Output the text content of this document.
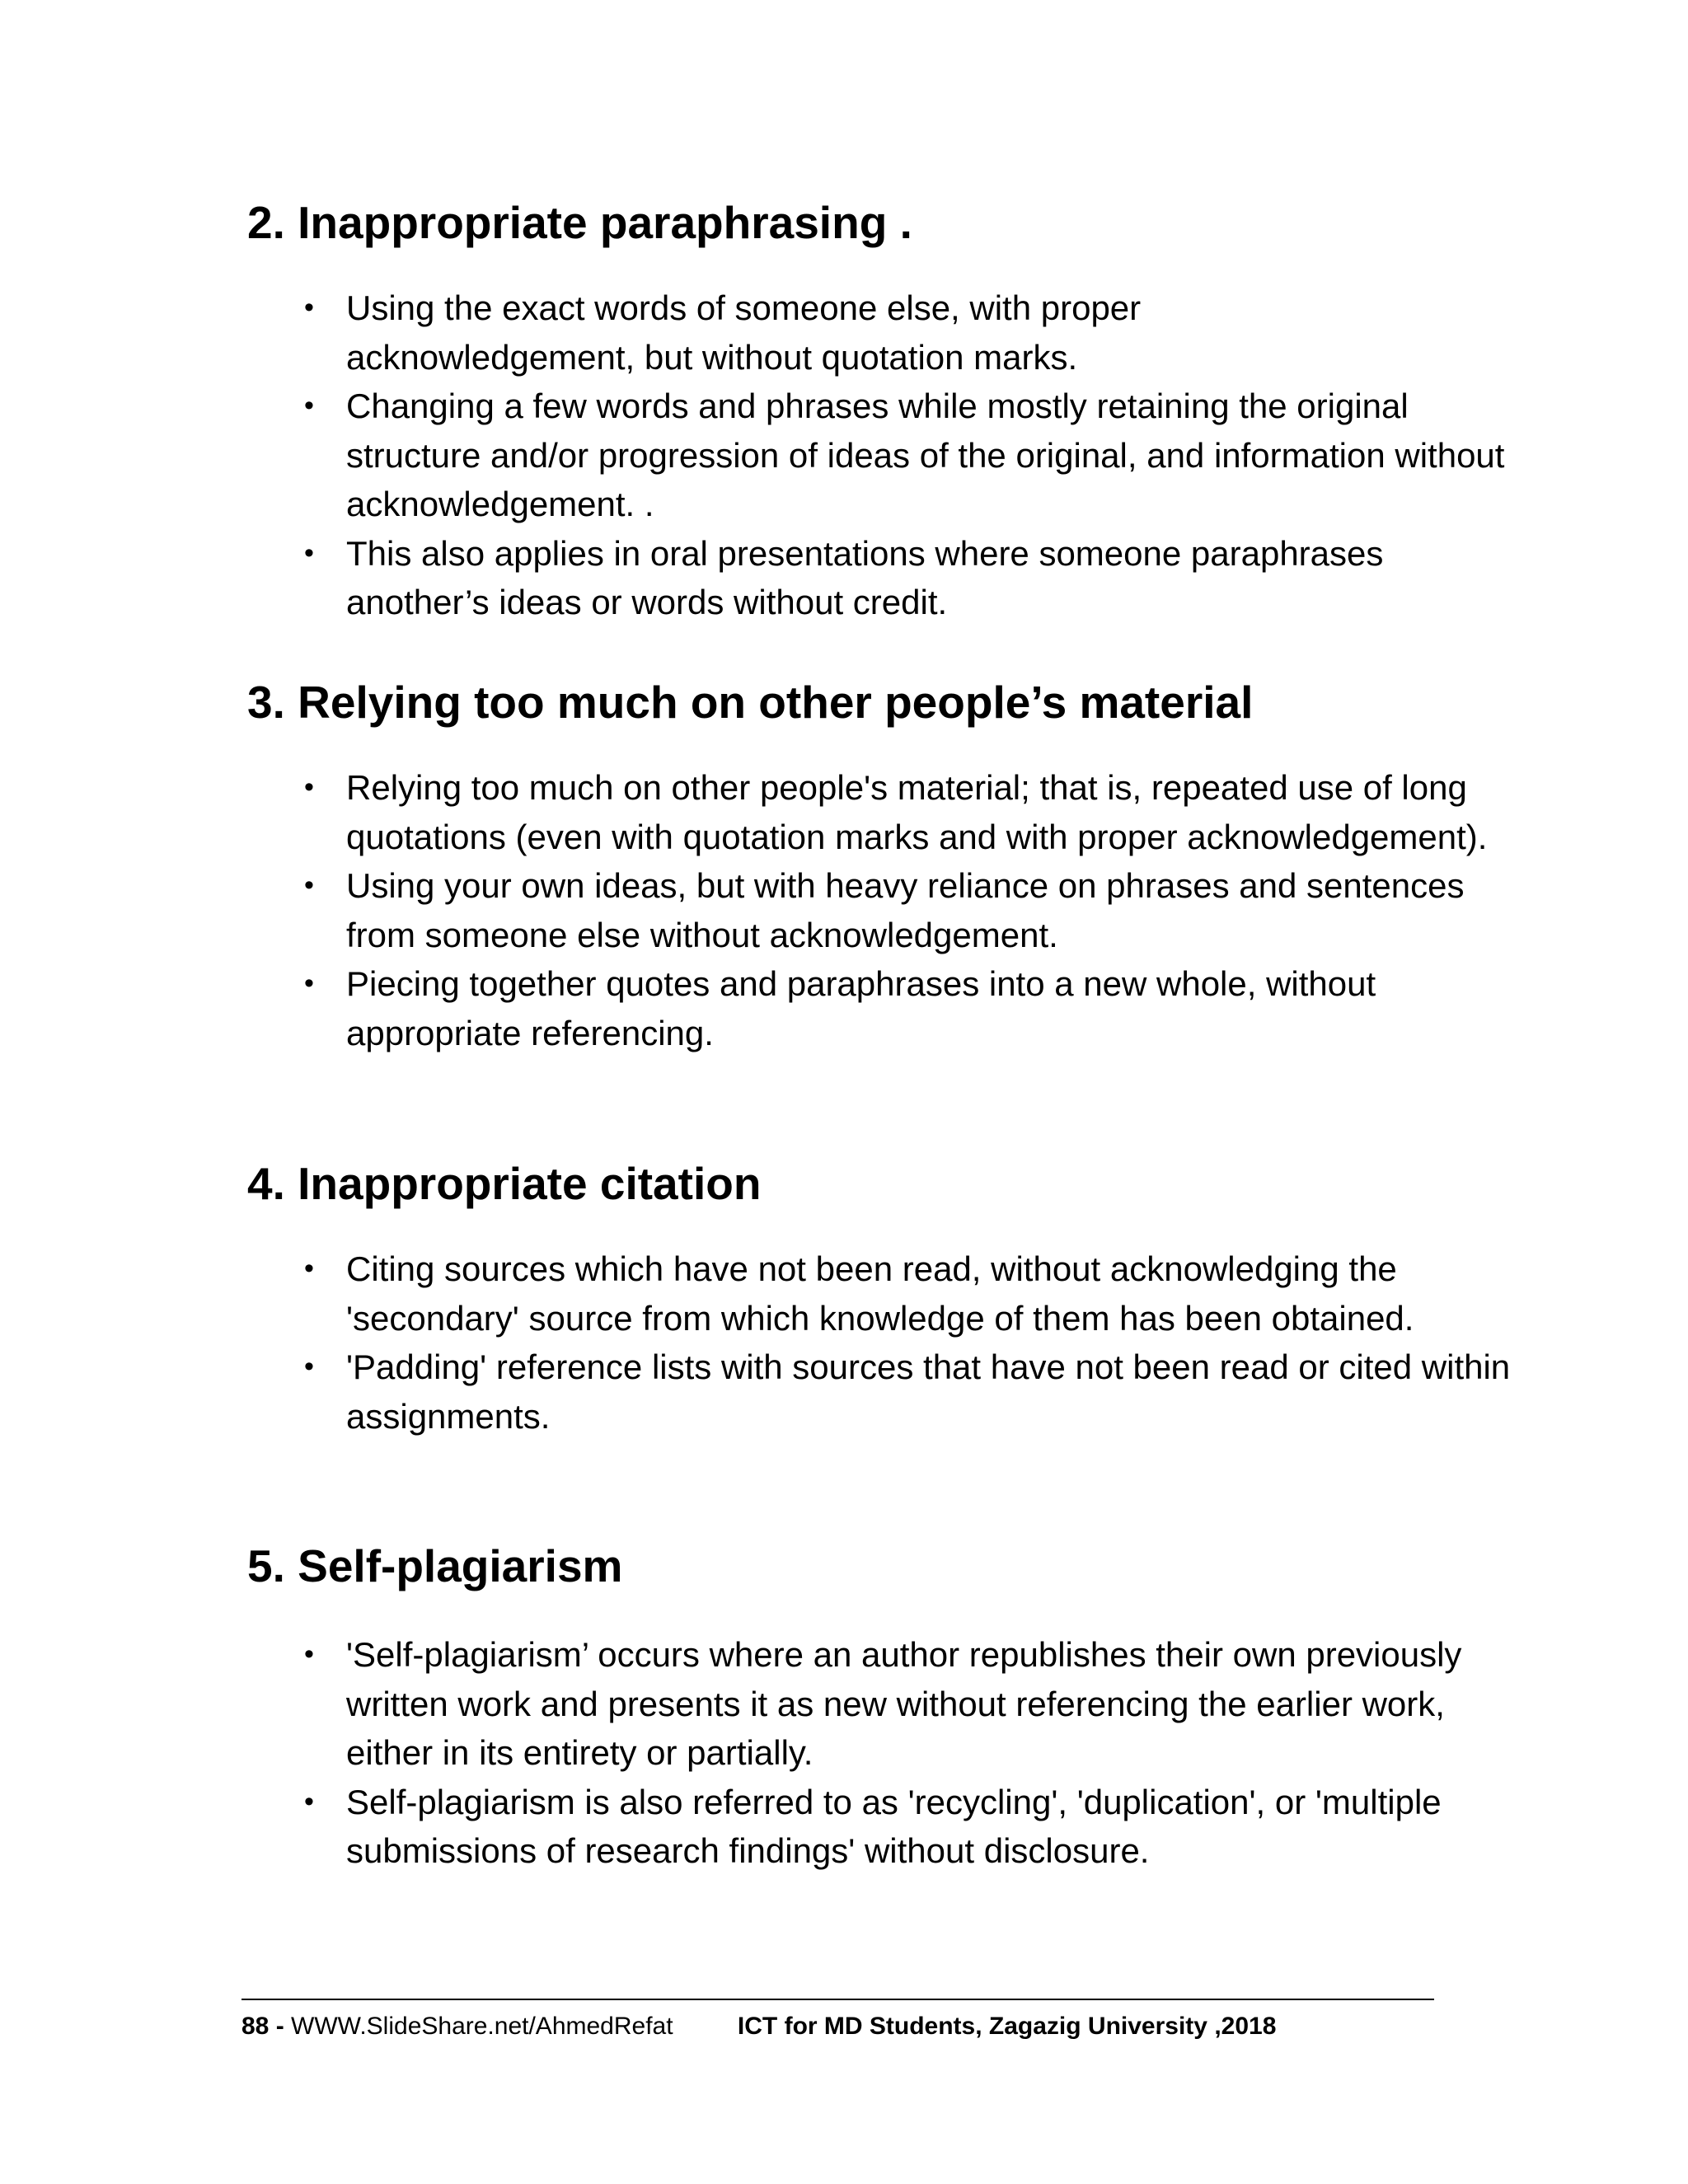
2. Inappropriate paraphrasing .
• Using the exact words of someone else, with proper acknowledgement, but without quotation marks.
• Changing a few words and phrases while mostly retaining the original structure and/or progression of ideas of the original, and information without acknowledgement. .
• This also applies in oral presentations where someone paraphrases another’s ideas or words without credit.
3. Relying too much on other people’s material
• Relying too much on other people's material; that is, repeated use of long quotations (even with quotation marks and with proper acknowledgement).
• Using your own ideas, but with heavy reliance on phrases and sentences from someone else without acknowledgement.
• Piecing together quotes and paraphrases into a new whole, without appropriate referencing.
4. Inappropriate citation
• Citing sources which have not been read, without acknowledging the 'secondary' source from which knowledge of them has been obtained.
• 'Padding' reference lists with sources that have not been read or cited within assignments.
5. Self-plagiarism
• 'Self-plagiarism’ occurs where an author republishes their own previously written work and presents it as new without referencing the earlier work, either in its entirety or partially.
• Self-plagiarism is also referred to as 'recycling', 'duplication', or 'multiple submissions of research findings' without disclosure.
88 - WWW.SlideShare.net/AhmedRefat	ICT for MD Students, Zagazig University ,2018
